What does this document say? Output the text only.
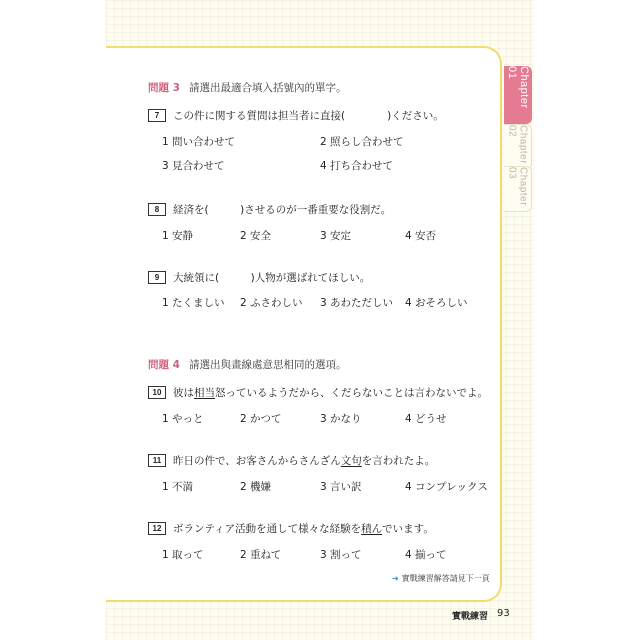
Chapter 01
Chapter 02
Chapter 03
問題 3 請選出最適合填入括號內的單字。
7	この件に関する質問は担当者に直接(　　　　)ください。
1 問い合わせて	2 照らし合わせて
3 見合わせて	4 打ち合わせて
8	経済を(　　　)させるのが一番重要な役割だ。
1 安静	2 安全	3 安定	4 安否
9	大統領に(　　　)人物が選ばれてほしい。
1 たくましい 2 ふさわしい 3 あわただしい 4 おそろしい
問題 4 請選出與畫線處意思相同的選項。
10	彼は 相当 怒っているようだから、くだらないことは言わないでよ。
1 やっと	2 かつて	3 かなり	4 どうせ
11	昨日の件で、お客さんからさんざん 文句 を言われたよ。
1 不満	2 機嫌	3 言い訳	4 コンプレックス
12	ボランティア活動を通して様々な経験を 積ん でいます。
1 取って	2 重ねて	3 割って	4 揃って
➜ 實戰練習解答請見下一頁
實戰練習 93
